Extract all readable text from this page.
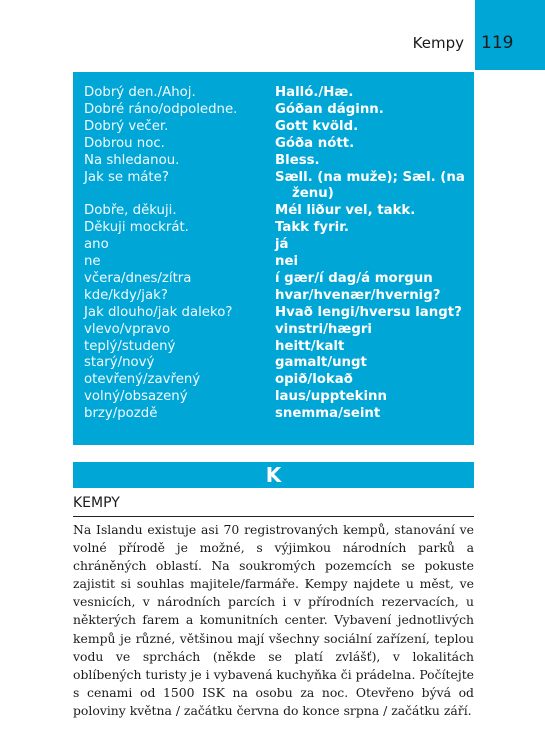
Kempy	119
Dobrý den./Ahoj.	Halló./Hæ.
Dobré ráno/odpoledne.	Góðan dáginn.
Dobrý večer.	Gott kvöld.
Dobrou noc.	Góða nótt.
Na shledanou.	Bless.
Jak se máte?	Sæll. (na muže); Sæl. (na
ženu)
Dobře, děkuji.	Mél liður vel, takk.
Děkuji mockrát.	Takk fyrir.
ano	já
ne	nei
včera/dnes/zítra	í gær/í dag/á morgun
kde/kdy/jak?	hvar/hvenær/hvernig?
Jak dlouho/jak daleko?	Hvað lengi/hversu langt?
vlevo/vpravo	vinstri/hægri
teplý/studený	heitt/kalt
starý/nový	gamalt/ungt
otevřený/zavřený	opið/lokað
volný/obsazený	laus/upptekinn
brzy/pozdě	snemma/seint
K
KEMPY

Na Islandu existuje asi 70 registrovaných kempů, stanování ve volné přírodě je možné, s výjimkou národních parků a chráněných oblastí. Na soukromých pozemcích se pokuste zajistit si souhlas majitele/farmáře. Kempy najdete u měst, ve vesnicích, v národních parcích i v přírodních rezervacích, u některých farem a komunitních center. Vybavení jednotlivých kempů je různé, většinou mají všechny sociální zařízení, teplou vodu ve sprchách (někde se platí zvlášť), v lokalitách oblíbených turisty je i vybavená kuchyňka či prádelna. Počítejte s cenami od 1500 ISK na osobu za noc. Otevřeno bývá od poloviny května / začátku června do konce srpna / začátku září.
